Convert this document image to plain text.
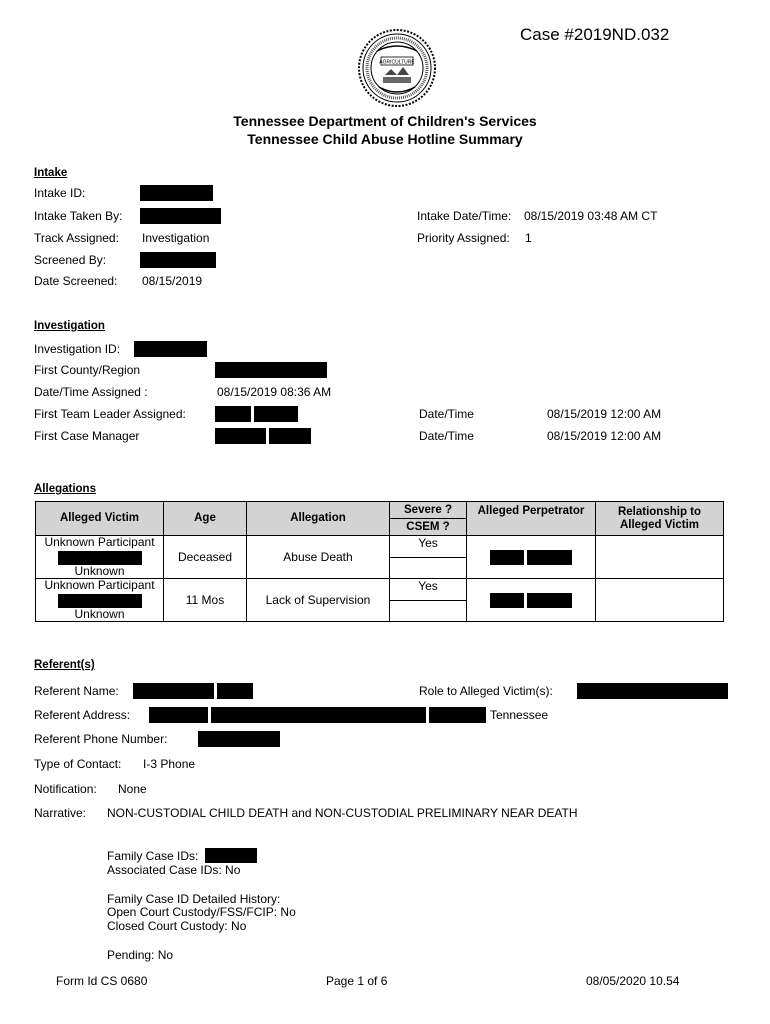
Case #2019ND.032
AGRICULTURE
Tennessee Department of Children's Services
Tennessee Child Abuse Hotline Summary
Intake
Intake ID:
Intake Taken By:	Intake Date/Time: 08/15/2019 03:48 AM CT
Track Assigned: Investigation	Priority Assigned: 1
Screened By:
Date Screened: 08/15/2019
Investigation
Investigation ID:
First County/Region
Date/Time Assigned :	08/15/2019 08:36 AM
First Team Leader Assigned:	Date/Time	08/15/2019 12:00 AM
First Case Manager	Date/Time	08/15/2019 12:00 AM
Allegations
Alleged Victim	Age	Allegation	Severe ?	Alleged Perpetrator	Relationship to Alleged Victim
			CSEM ?		

Unknown Participant
Unknown	Deceased	Abuse Death	Yes		

Unknown Participant
Unknown	11 Mos	Lack of Supervision	Yes		

Referent(s)
Referent Name:	Role to Alleged Victim(s):
Referent Address:	Tennessee
Referent Phone Number:
Type of Contact: I-3 Phone
Notification: None
Narrative: NON-CUSTODIAL CHILD DEATH and NON-CUSTODIAL PRELIMINARY NEAR DEATH
Family Case IDs:
Associated Case IDs: No
Family Case ID Detailed History:
Open Court Custody/FSS/FCIP: No
Closed Court Custody: No
Pending: No
Form Id CS 0680	Page 1 of 6	08/05/2020 10.54
